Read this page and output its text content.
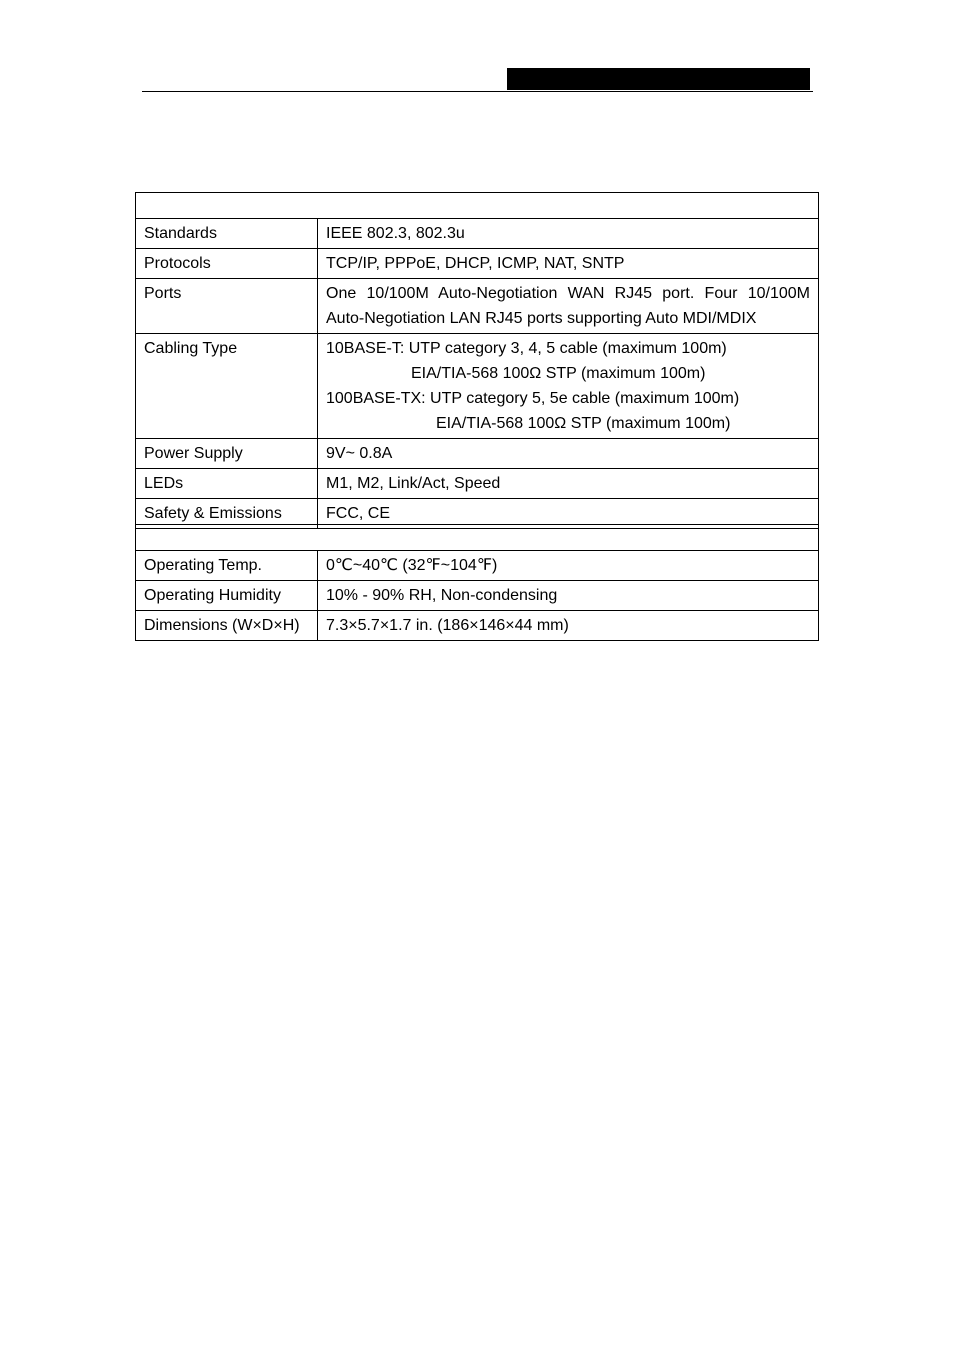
Standards	IEEE 802.3, 802.3u
Protocols	TCP/IP, PPPoE, DHCP, ICMP, NAT, SNTP
Ports	One 10/100M Auto-Negotiation WAN RJ45 port. Four 10/100M Auto-Negotiation LAN RJ45 ports supporting Auto MDI/MDIX
Cabling Type	10BASE-T: UTP category 3, 4, 5 cable (maximum 100m)
EIA/TIA-568 100Ω STP (maximum 100m)
100BASE-TX: UTP category 5, 5e cable (maximum 100m)
EIA/TIA-568 100Ω STP (maximum 100m)

Power Supply	9V~ 0.8A
LEDs	M1, M2, Link/Act, Speed
Safety & Emissions	FCC, CE

Operating Temp.	0℃~40℃ (32℉~104℉)
Operating Humidity	10% - 90% RH, Non-condensing
Dimensions (W×D×H)	7.3×5.7×1.7 in. (186×146×44 mm)
